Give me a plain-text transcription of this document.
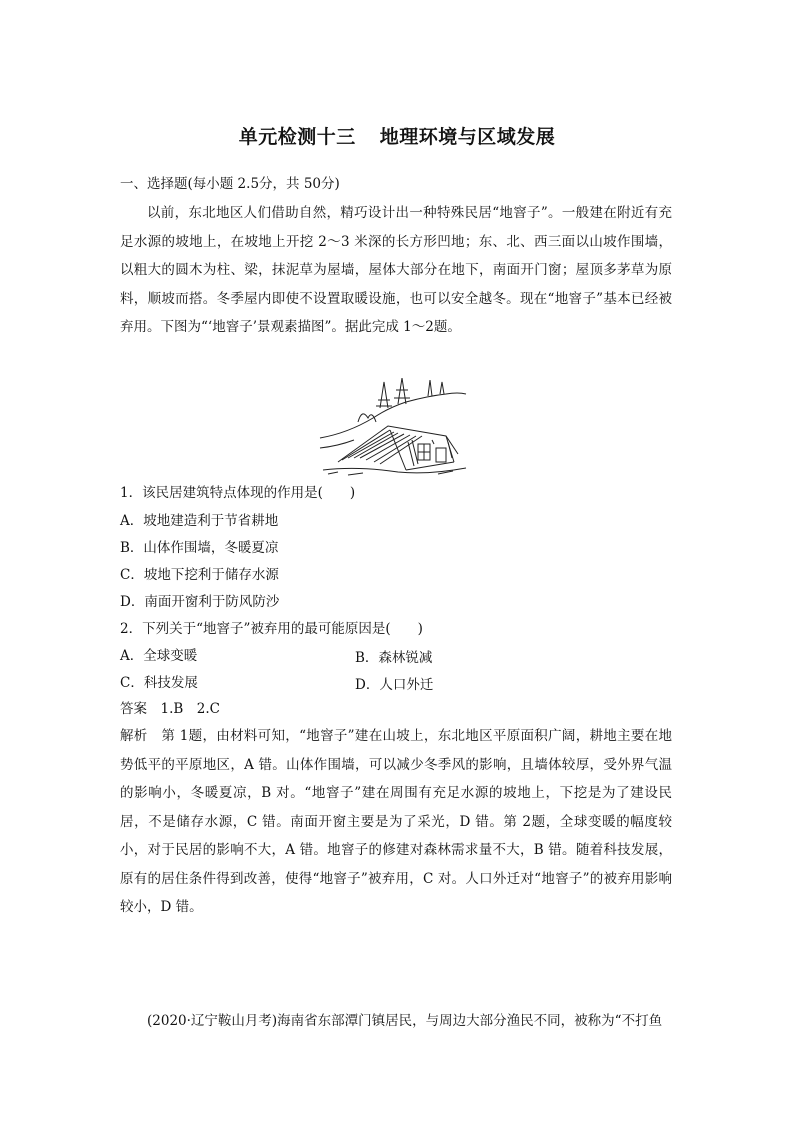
单元检测十三 地理环境与区域发展
一、选择题(每小题 2.5分，共 50分)
以前，东北地区人们借助自然，精巧设计出一种特殊民居“地窨子”。一般建在附近有充足水源的坡地上，在坡地上开挖 2～3 米深的长方形凹地；东、北、西三面以山坡作围墙，以粗大的圆木为柱、梁，抹泥草为屋墙，屋体大部分在地下，南面开门窗；屋顶多茅草为原料，顺坡而搭。冬季屋内即使不设置取暖设施，也可以安全越冬。现在“地窨子”基本已经被弃用。下图为“‘地窨子’景观素描图”。据此完成 1～2题。
1．该民居建筑特点体现的作用是(　　)
A．坡地建造利于节省耕地
B．山体作围墙，冬暖夏凉
C．坡地下挖利于储存水源
D．南面开窗利于防风防沙
2．下列关于“地窨子”被弃用的最可能原因是(　　)
A．全球变暖	B．森林锐减
C．科技发展	D．人口外迁
答案　1.B　2.C
解析　第 1题，由材料可知，“地窨子”建在山坡上，东北地区平原面积广阔，耕地主要在地势低平的平原地区，A 错。山体作围墙，可以减少冬季风的影响，且墙体较厚，受外界气温的影响小，冬暖夏凉，B 对。“地窨子”建在周围有充足水源的坡地上，下挖是为了建设民居，不是储存水源，C 错。南面开窗主要是为了采光，D 错。第 2题，全球变暖的幅度较小，对于民居的影响不大，A 错。地窨子的修建对森林需求量不大，B 错。随着科技发展，原有的居住条件得到改善，使得“地窨子”被弃用，C 对。人口外迁对“地窨子”的被弃用影响较小，D 错。
(2020·辽宁鞍山月考)海南省东部潭门镇居民，与周边大部分渔民不同，被称为“不打鱼
